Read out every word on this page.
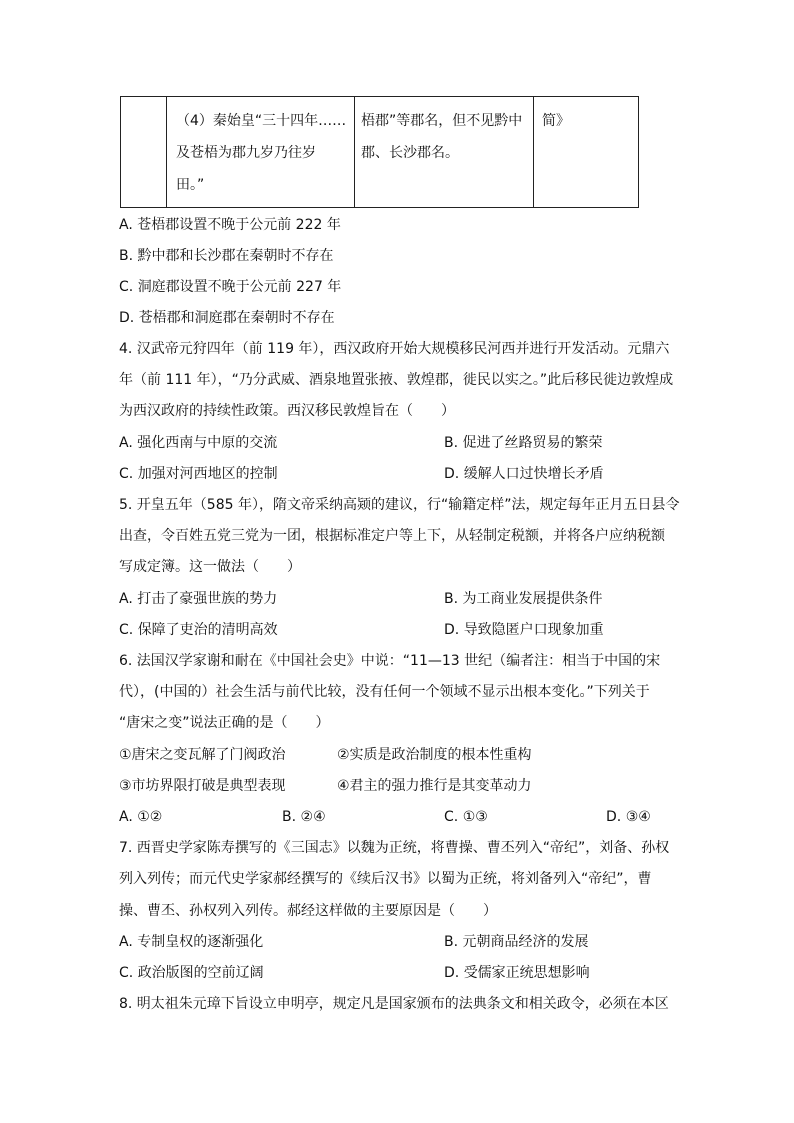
（4）秦始皇“三十四年……
及苍梧为郡九岁乃往岁
田。”

梧郡”等郡名，但不见黔中
郡、长沙郡名。

简》
A. 苍梧郡设置不晚于公元前 222 年
B. 黔中郡和长沙郡在秦朝时不存在
C. 洞庭郡设置不晚于公元前 227 年
D. 苍梧郡和洞庭郡在秦朝时不存在
4. 汉武帝元狩四年（前 119 年），西汉政府开始大规模移民河西并进行开发活动。元鼎六
年（前 111 年），“乃分武威、酒泉地置张掖、敦煌郡，徙民以实之。”此后移民徙边敦煌成
为西汉政府的持续性政策。西汉移民敦煌旨在（　　）
A. 强化西南与中原的交流	B. 促进了丝路贸易的繁荣
C. 加强对河西地区的控制	D. 缓解人口过快增长矛盾
5. 开皇五年（585 年），隋文帝采纳高颎的建议，行“输籍定样”法，规定每年正月五日县令
出查，令百姓五党三党为一团，根据标准定户等上下，从轻制定税额，并将各户应纳税额
写成定簿。这一做法（　　）
A. 打击了豪强世族的势力	B. 为工商业发展提供条件
C. 保障了吏治的清明高效	D. 导致隐匿户口现象加重
6. 法国汉学家谢和耐在《中国社会史》中说：“11—13 世纪（编者注：相当于中国的宋
代），(中国的）社会生活与前代比较，没有任何一个领域不显示出根本变化。”下列关于
“唐宋之变”说法正确的是（　　）
①唐宋之变瓦解了门阀政治	②实质是政治制度的根本性重构
③市坊界限打破是典型表现	④君主的强力推行是其变革动力
A. ①②	B. ②④	C. ①③	D. ③④
7. 西晋史学家陈寿撰写的《三国志》以魏为正统，将曹操、曹丕列入“帝纪”，刘备、孙权
列入列传；而元代史学家郝经撰写的《续后汉书》以蜀为正统，将刘备列入“帝纪”，曹
操、曹丕、孙权列入列传。郝经这样做的主要原因是（　　）
A. 专制皇权的逐渐强化	B. 元朝商品经济的发展
C. 政治版图的空前辽阔	D. 受儒家正统思想影响
8. 明太祖朱元璋下旨设立申明亭，规定凡是国家颁布的法典条文和相关政令，必须在本区
